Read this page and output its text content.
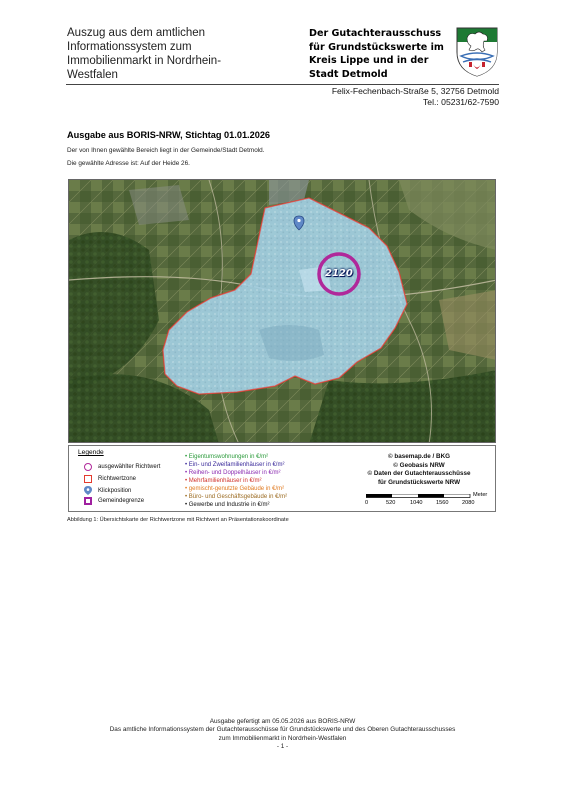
Auszug aus dem amtlichen
Informationssystem zum
Immobilienmarkt in Nordrhein-
Westfalen
Der Gutachterausschuss
für Grundstückswerte im
Kreis Lippe und in der
Stadt Detmold
Felix-Fechenbach-Straße 5, 32756 Detmold
Tel.: 05231/62-7590
Ausgabe aus BORIS-NRW, Stichtag 01.01.2026
Der von Ihnen gewählte Bereich liegt in der Gemeinde/Stadt Detmold.
Die gewählte Adresse ist: Auf der Heide 26.
2120
Legende
ausgewählter Richtwert
Richtwertzone
Klickposition
Gemeindegrenze
• Eigentumswohnungen in €/m²
• Ein- und Zweifamilienhäuser in €/m²
• Reihen- und Doppelhäuser in €/m²
• Mehrfamilienhäuser in €/m²
• gemischt-genutzte Gebäude in €/m²
• Büro- und Geschäftsgebäude in €/m²
• Gewerbe und Industrie in €/m²
© basemap.de / BKG
© Geobasis NRW
© Daten der Gutachterausschüsse
für Grundstückswerte NRW
Meter
0	520	1040 1560 2080
Abbildung 1: Übersichtskarte der Richtwertzone mit Richtwert an Präsentationskoordinate
Ausgabe gefertigt am 05.05.2026 aus BORIS-NRW
Das amtliche Informationssystem der Gutachterausschüsse für Grundstückswerte und des Oberen Gutachterausschusses
zum Immobilienmarkt in Nordrhein-Westfalen
- 1 -
